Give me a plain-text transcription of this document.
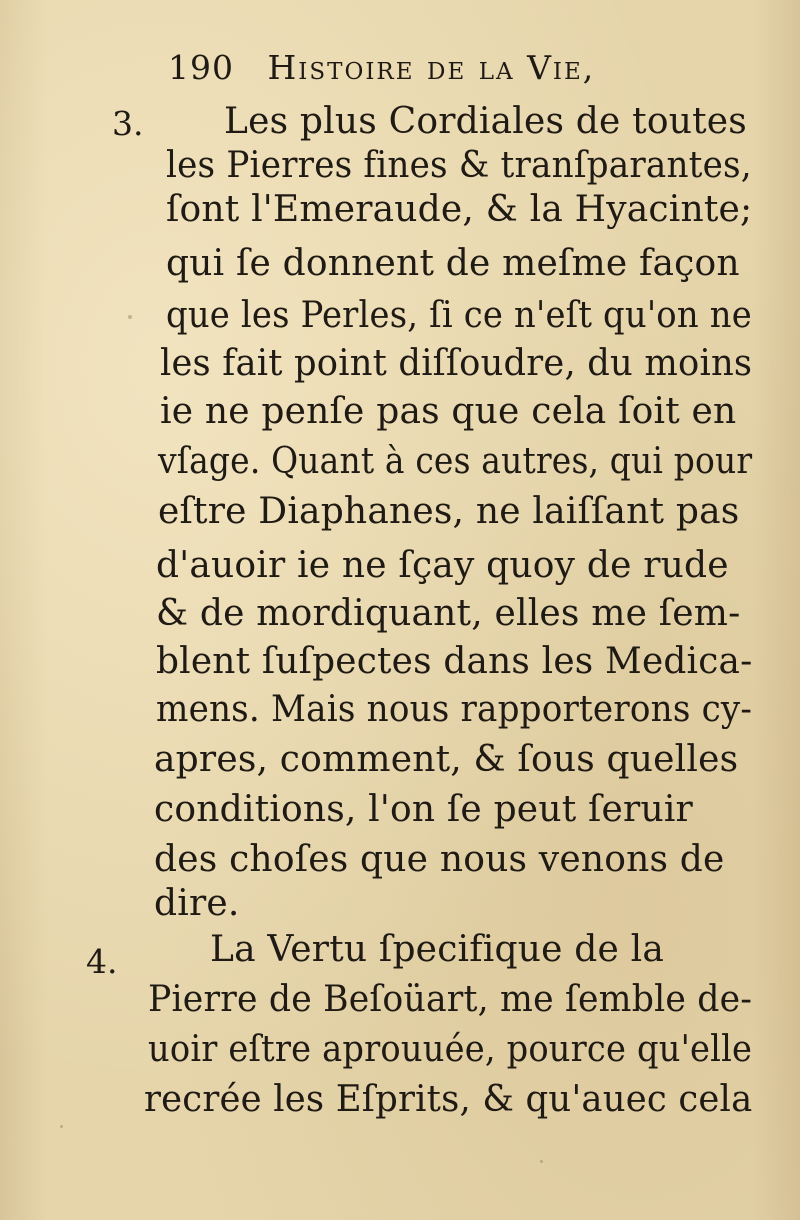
190 Histoire de la Vie,
3.
4.
Les plus Cordiales de toutes
les Pierres fines & tranſparantes,
ſont l'Emeraude, & la Hyacinte;
qui ſe donnent de meſme façon
que les Perles, ſi ce n'eſt qu'on ne
les fait point diſſoudre, du moins
ie ne penſe pas que cela ſoit en
vſage. Quant à ces autres, qui pour
eſtre Diaphanes, ne laiſſant pas
d'auoir ie ne ſçay quoy de rude
& de mordiquant, elles me ſem-
blent ſuſpectes dans les Medica-
mens. Mais nous rapporterons cy-
apres, comment, & ſous quelles
conditions, l'on ſe peut ſeruir
des choſes que nous venons de
dire.
La Vertu ſpecifique de la
Pierre de Beſoüart, me ſemble de-
uoir eſtre aprouuée, pource qu'elle
recrée les Eſprits, & qu'auec cela
